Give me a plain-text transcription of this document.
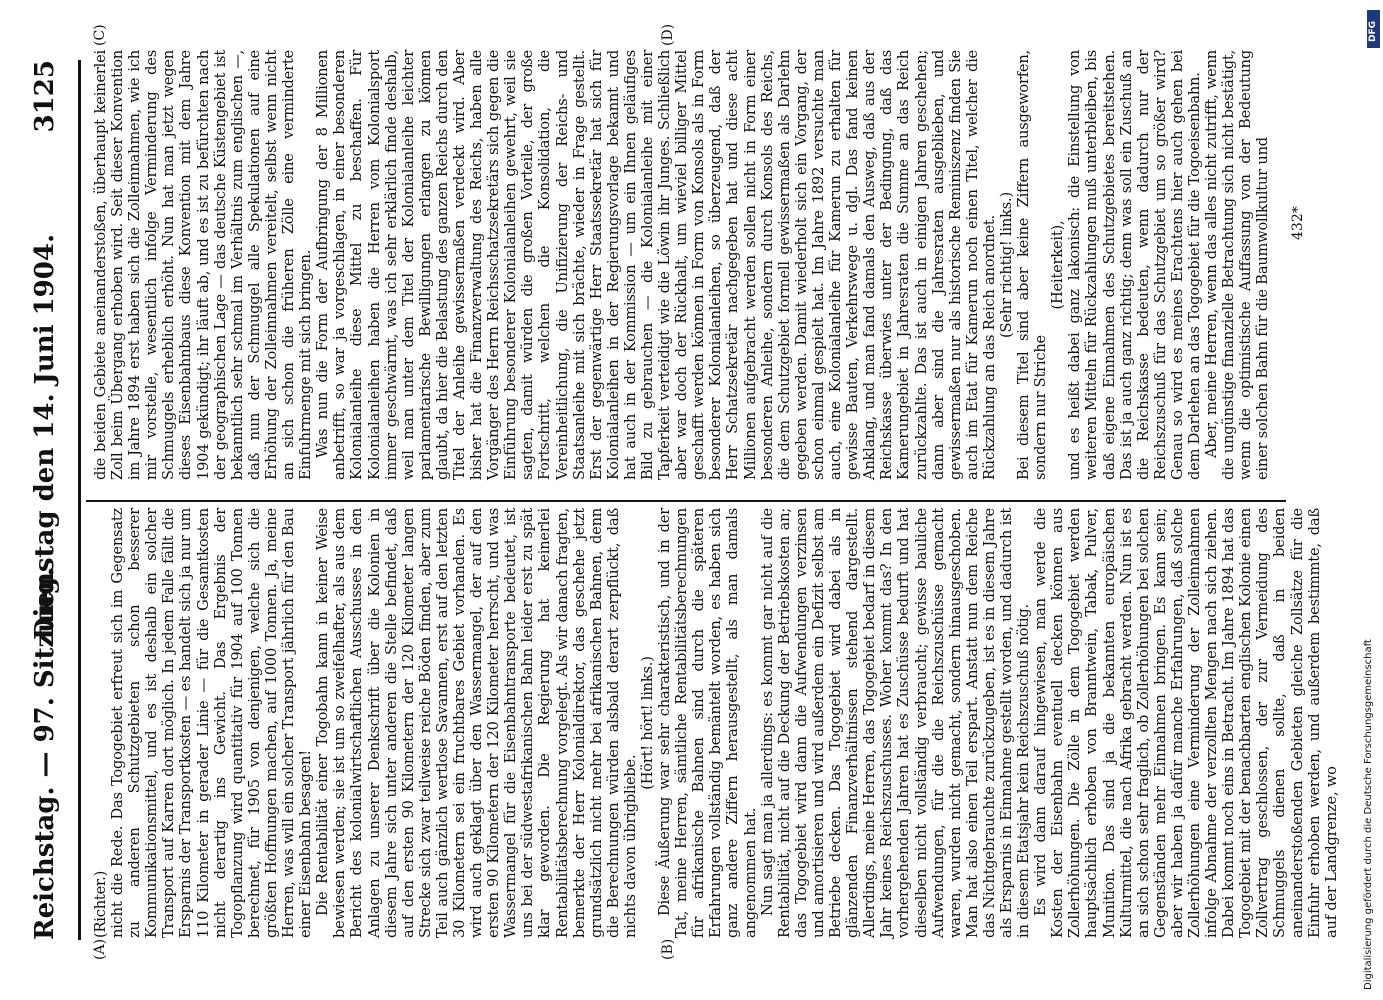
Reichstag. — 97. Sitzung.
Dienstag den 14. Juni 1904.
3125
(A)	(B)
(C)	(D)

(Richter.) nicht die Rede. Das Togogebiet erfreut sich im Gegensatz zu anderen Schutzgebieten schon besserer Kommunikationsmittel, und es ist deshalb ein solcher Transport auf Karren dort möglich. In jedem Falle fällt die Ersparnis der Transportkosten — es handelt sich ja nur um 110 Kilometer in gerader Linie — für die Gesamtkosten nicht derartig ins Gewicht. Das Ergebnis der Togopflanzung wird quantitativ für 1904 auf 100 Tonnen berechnet, für 1905 von denjenigen, welche sich die größten Hoffnungen machen, auf 1000 Tonnen. Ja, meine Herren, was will ein solcher Transport jährlich für den Bau einer Eisenbahn besagen! Die Rentabilität einer Togobahn kann in keiner Weise bewiesen werden; sie ist um so zweifelhafter, als aus dem Bericht des kolonialwirtschaftlichen Ausschusses in den Anlagen zu unserer Denkschrift über die Kolonien in diesem Jahre sich unter anderen die Stelle befindet, daß auf den ersten 90 Kilometern der 120 Kilometer langen Strecke sich zwar teilweise reiche Böden finden, aber zum Teil auch gänzlich wertlose Savannen, erst auf den letzten 30 Kilometern sei ein fruchtbares Gebiet vorhanden. Es wird auch geklagt über den Wassermangel, der auf den ersten 90 Kilometern der 120 Kilometer herrscht, und was Wassermangel für die Eisenbahntransporte bedeutet, ist uns bei der südwestafrikanischen Bahn leider erst zu spät klar geworden. Die Regierung hat keinerlei Rentabilitätsberechnung vorgelegt. Als wir danach fragten, bemerkte der Herr Kolonialdirektor, das geschehe jetzt grundsätzlich nicht mehr bei afrikanischen Bahnen, denn die Berechnungen würden alsbald derart zerpflückt, daß nichts davon übrigbliebe.

(Hört! hört! links.) Diese Äußerung war sehr charakteristisch, und in der Tat, meine Herren, sämtliche Rentabilitätsberechnungen für afrikanische Bahnen sind durch die späteren Erfahrungen vollständig bemäntelt worden, es haben sich ganz andere Ziffern herausgestellt, als man damals angenommen hat. Nun sagt man ja allerdings: es kommt gar nicht auf die Rentabilität, nicht auf die Deckung der Betriebskosten an; das Togogebiet wird dann die Aufwendungen verzinsen und amortisieren und wird außerdem ein Defizit selbst am Betriebe decken. Das Togogebiet wird dabei als in glänzenden Finanzverhältnissen stehend dargestellt. Allerdings, meine Herren, das Togogebiet bedarf in diesem Jahr keines Reichszuschusses. Woher kommt das? In den vorhergehenden Jahren hat es Zuschüsse bedurft und hat dieselben nicht vollständig verbraucht; gewisse bauliche Aufwendungen, für die die Reichszuschüsse gemacht waren, wurden nicht gemacht, sondern hinausgeschoben. Man hat also einen Teil erspart. Anstatt nun dem Reiche das Nichtgebrauchte zurückzugeben, ist es in diesem Jahre als Ersparnis in Einnahme gestellt worden, und dadurch ist in diesem Etatsjahr kein Reichszuschuß nötig. Es wird dann darauf hingewiesen, man werde die Kosten der Eisenbahn eventuell decken können aus Zollerhöhungen. Die Zölle in dem Togogebiet werden hauptsächlich erhoben von Branntwein, Tabak, Pulver, Munition. Das sind ja die bekannten europäischen Kulturmittel, die nach Afrika gebracht werden. Nun ist es an sich schon sehr fraglich, ob Zollerhöhungen bei solchen Gegenständen mehr Einnahmen bringen. Es kann sein; aber wir haben ja dafür manche Erfahrungen, daß solche Zollerhöhungen eine Verminderung der Zolleinnahmen infolge Abnahme der verzollten Mengen nach sich ziehen. Dabei kommt noch eins in Betracht. Im Jahre 1894 hat das Togogebiet mit der benachbarten englischen Kolonie einen Zollvertrag geschlossen, der zur Vermeidung des Schmuggels dienen sollte, daß in beiden aneinanderstoßenden Gebieten gleiche Zollsätze für die Einfuhr erhoben werden, und außerdem bestimmte, daß auf der Landgrenze, wo

die beiden Gebiete aneinanderstoßen, überhaupt keinerlei Zoll beim Übergang erhoben wird. Seit dieser Konvention im Jahre 1894 erst haben sich die Zolleinnahmen, wie ich mir vorstelle, wesentlich infolge Verminderung des Schmuggels erheblich erhöht. Nun hat man jetzt wegen dieses Eisenbahnbaus diese Konvention mit dem Jahre 1904 gekündigt; ihr läuft ab, und es ist zu befürchten nach der geographischen Lage — das deutsche Küstengebiet ist bekanntlich sehr schmal im Verhältnis zum englischen —, daß nun der Schmuggel alle Spekulationen auf eine Erhöhung der Zolleinnahmen vereitelt, selbst wenn nicht an sich schon die früheren Zölle eine verminderte Einfuhrmenge mit sich bringen. Was nun die Form der Aufbringung der 8 Millionen anbetrifft, so war ja vorgeschlagen, in einer besonderen Kolonialanleihe diese Mittel zu beschaffen. Für Kolonialanleihen haben die Herren vom Kolonialsport immer geschwärmt, was ich sehr erklärlich finde deshalb, weil man unter dem Titel der Kolonialanleihe leichter parlamentarische Bewilligungen erlangen zu können glaubt, da hier die Belastung des ganzen Reichs durch den Titel der Anleihe gewissermaßen verdeckt wird. Aber bisher hat die Finanzverwaltung des Reichs, haben alle Vorgänger des Herrn Reichsschatzsekretärs sich gegen die Einführung besonderer Kolonialanleihen gewehrt, weil sie sagten, damit würden die großen Vorteile, der große Fortschritt, welchen die Konsolidation, die Vereinheitlichung, die Unifizierung der Reichs- und Staatsanleihe mit sich brächte, wieder in Frage gestellt. Erst der gegenwärtige Herr Staatssekretär hat sich für Kolonialanleihen in der Regierungsvorlage bekannt und hat auch in der Kommission — um ein Ihnen geläufiges Bild zu gebrauchen — die Kolonialanleihe mit einer Tapferkeit verteidigt wie die Löwin ihr Junges. Schließlich aber war doch der Rückhalt, um wieviel billiger Mittel geschafft werden können in Form von Konsols als in Form besonderer Kolonialanleihen, so überzeugend, daß der Herr Schatzsekretär nachgegeben hat und diese acht Millionen aufgebracht werden sollen nicht in Form einer besonderen Anleihe, sondern durch Konsols des Reichs, die dem Schutzgebiet formell gewissermaßen als Darlehn gegeben werden. Damit wiederholt sich ein Vorgang, der schon einmal gespielt hat. Im Jahre 1892 versuchte man auch, eine Kolonialanleihe für Kamerun zu erhalten für gewisse Bauten, Verkehrswege u. dgl. Das fand keinen Anklang, und man fand damals den Ausweg, daß aus der Reichskasse überwies unter der Bedingung, daß das Kamerungebiet in Jahresraten die Summe an das Reich zurückzahlte. Das ist auch in einigen Jahren geschehen; dann aber sind die Jahresraten ausgeblieben, und gewissermaßen nur als historische Reminiszenz finden Sie auch im Etat für Kamerun noch einen Titel, welcher die Rückzahlung an das Reich anordnet. (Sehr richtig! links.) Bei diesem Titel sind aber keine Ziffern ausgeworfen, sondern nur Striche

(Heiterkeit), und es heißt dabei ganz lakonisch: die Einstellung von weiteren Mitteln für Rückzahlungen muß unterbleiben, bis daß eigene Einnahmen des Schutzgebietes bereitstehen. Das ist ja auch ganz richtig; denn was soll ein Zuschuß an die Reichskasse bedeuten, wenn dadurch nur der Reichszuschuß für das Schutzgebiet um so größer wird? Genau so wird es meines Erachtens hier auch gehen bei dem Darlehen an das Togogebiet für die Togoeisenbahn. Aber, meine Herren, wenn das alles nicht zutrifft, wenn die ungünstige finanzielle Betrachtung sich nicht bestätigt, wenn die optimistische Auffassung von der Bedeutung einer solchen Bahn für die Baumwollkultur und 432*
Digitalisierung gefördert durch die Deutsche Forschungsgemeinschaft
DFG
